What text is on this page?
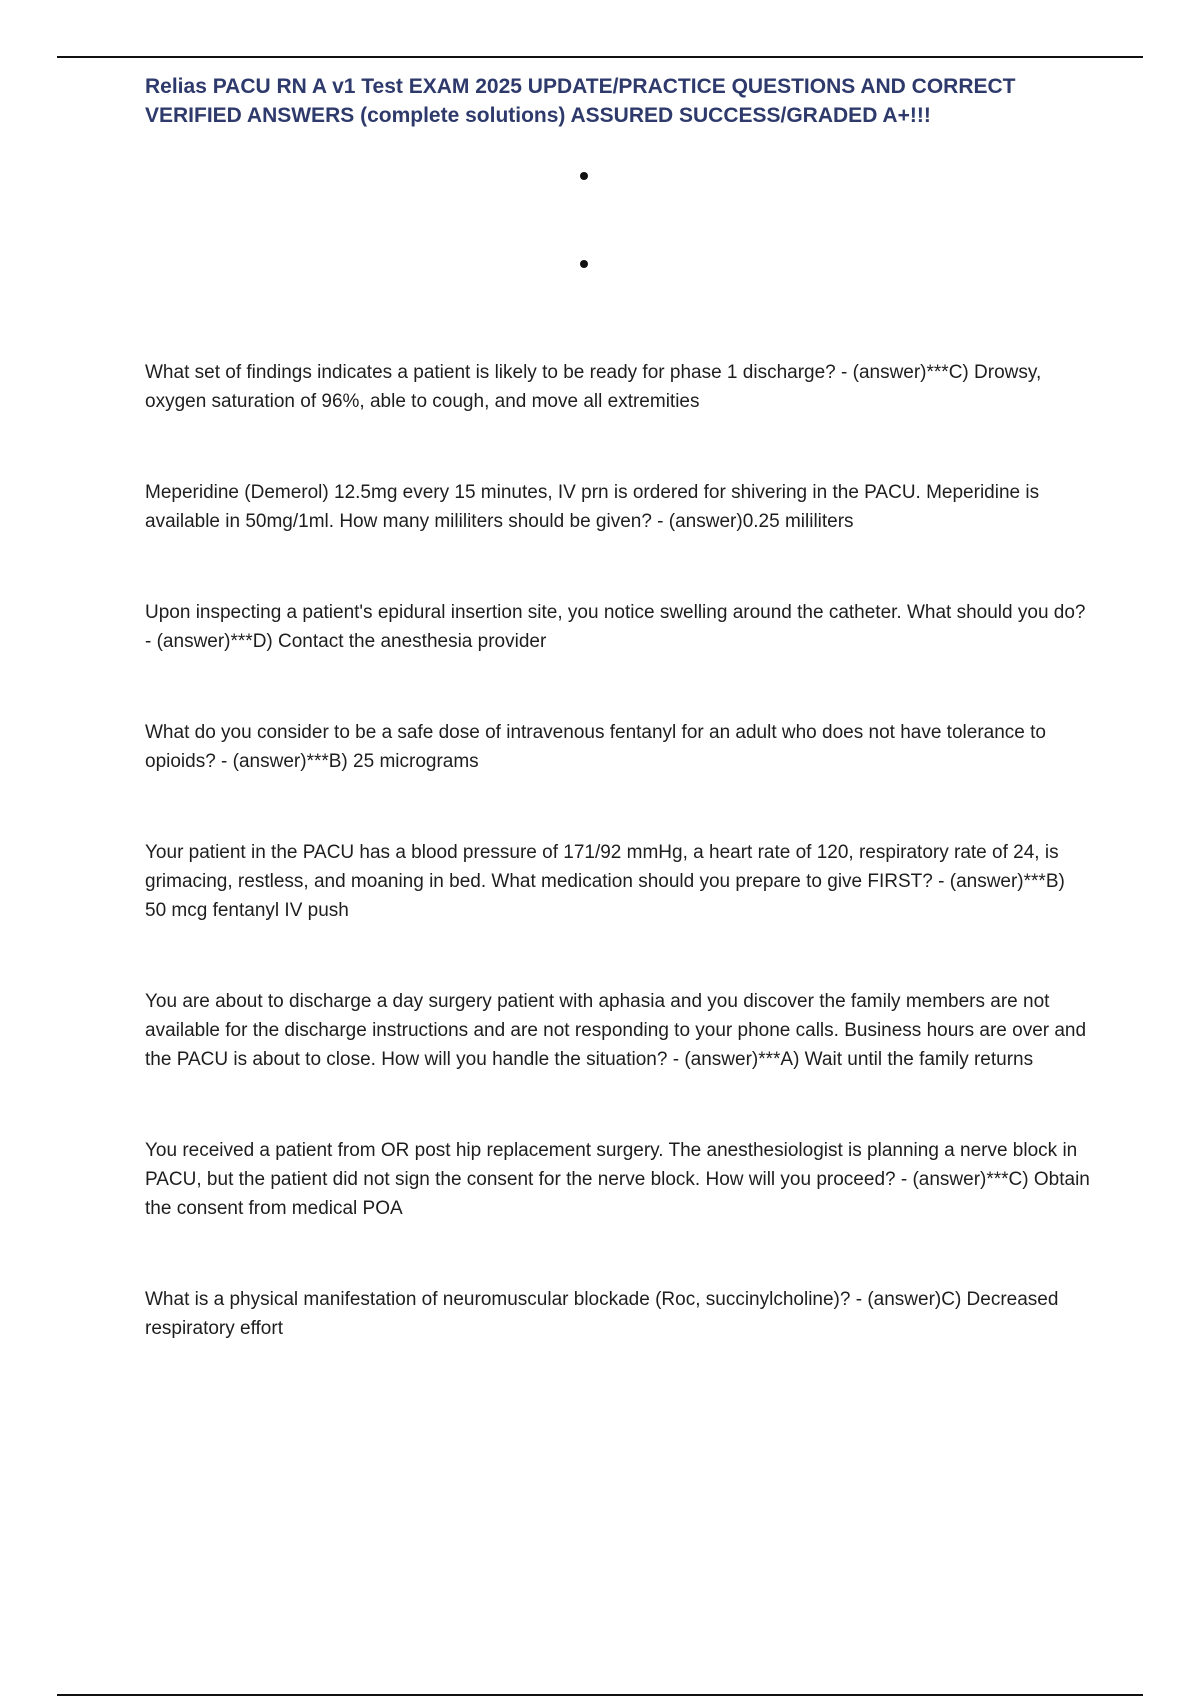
Relias PACU RN A v1 Test EXAM 2025 UPDATE/PRACTICE QUESTIONS AND CORRECT VERIFIED ANSWERS (complete solutions) ASSURED SUCCESS/GRADED A+!!!
What set of findings indicates a patient is likely to be ready for phase 1 discharge? - (answer)***C) Drowsy, oxygen saturation of 96%, able to cough, and move all extremities
Meperidine (Demerol) 12.5mg every 15 minutes, IV prn is ordered for shivering in the PACU. Meperidine is available in 50mg/1ml. How many mililiters should be given? - (answer)0.25 mililiters
Upon inspecting a patient's epidural insertion site, you notice swelling around the catheter. What should you do? - (answer)***D) Contact the anesthesia provider
What do you consider to be a safe dose of intravenous fentanyl for an adult who does not have tolerance to opioids? - (answer)***B) 25 micrograms
Your patient in the PACU has a blood pressure of 171/92 mmHg, a heart rate of 120, respiratory rate of 24, is grimacing, restless, and moaning in bed. What medication should you prepare to give FIRST? - (answer)***B) 50 mcg fentanyl IV push
You are about to discharge a day surgery patient with aphasia and you discover the family members are not available for the discharge instructions and are not responding to your phone calls. Business hours are over and the PACU is about to close. How will you handle the situation? - (answer)***A) Wait until the family returns
You received a patient from OR post hip replacement surgery. The anesthesiologist is planning a nerve block in PACU, but the patient did not sign the consent for the nerve block. How will you proceed? - (answer)***C) Obtain the consent from medical POA
What is a physical manifestation of neuromuscular blockade (Roc, succinylcholine)? - (answer)C) Decreased respiratory effort
